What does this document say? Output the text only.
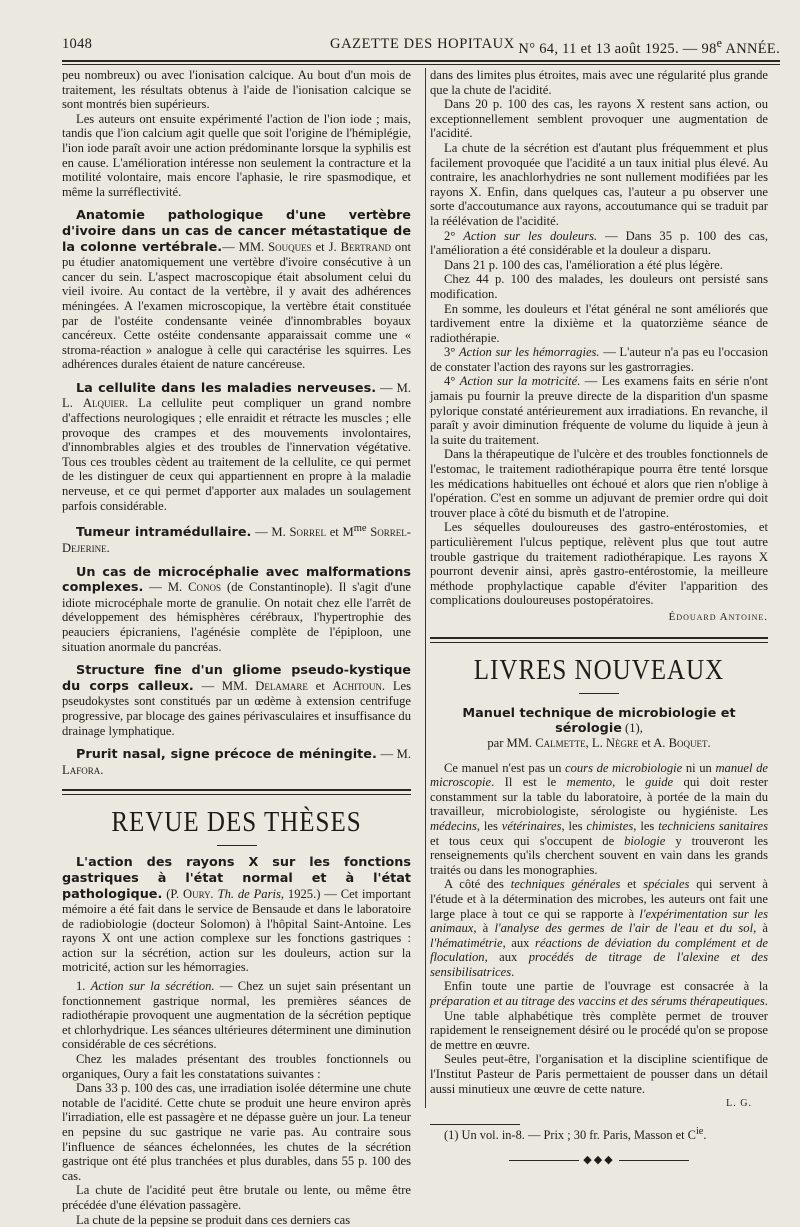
1048	GAZETTE DES HOPITAUX N° 64, 11 et 13 août 1925. — 98e ANNÉE.

peu nombreux) ou avec l'ionisation calcique. Au bout d'un mois de traitement, les résultats obtenus à l'aide de l'ionisation calcique se sont montrés bien supérieurs.

Les auteurs ont ensuite expérimenté l'action de l'ion iode ; mais, tandis que l'ion calcium agit quelle que soit l'origine de l'hémiplégie, l'ion iode paraît avoir une action prédominante lorsque la syphilis est en cause. L'amélioration intéresse non seulement la contracture et la motilité volontaire, mais encore l'aphasie, le rire spasmodique, et même la surréflectivité.

Anatomie pathologique d'une vertèbre d'ivoire dans un cas de cancer métastatique de la colonne vertébrale.— MM. Souques et J. Bertrand ont pu étudier anatomiquement une vertèbre d'ivoire consécutive à un cancer du sein. L'aspect macroscopique était absolument celui du vieil ivoire. Au contact de la vertèbre, il y avait des adhérences méningées. A l'examen microscopique, la vertèbre était constituée par de l'ostéite condensante veinée d'innombrables boyaux cancéreux. Cette ostéite condensante apparaissait comme une « stroma-réaction » analogue à celle qui caractérise les squirres. Les adhérences durales étaient de nature cancéreuse.

La cellulite dans les maladies nerveuses. — M. L. Alquier. La cellulite peut compliquer un grand nombre d'affections neurologiques ; elle enraidit et rétracte les muscles ; elle provoque des crampes et des mouvements involontaires, d'innombrables algies et des troubles de l'innervation végétative. Tous ces troubles cèdent au traitement de la cellulite, ce qui permet de les distinguer de ceux qui appartiennent en propre à la maladie nerveuse, et ce qui permet d'apporter aux malades un soulagement parfois considérable.

Tumeur intramédullaire. — M. Sorrel et $M^{me}$ Sorrel-Dejerine.

Un cas de microcéphalie avec malformations complexes. — M. Conos (de Constantinople). Il s'agit d'une idiote microcéphale morte de granulie. On notait chez elle l'arrêt de développement des hémisphères cérébraux, l'hypertrophie des peauciers épicraniens, l'agénésie complète de l'épiploon, une situation anormale du pancréas.

Structure fine d'un gliome pseudo-kystique du corps calleux. — MM. Delamare et Achitoun. Les pseudokystes sont constitués par un œdème à extension centrifuge progressive, par blocage des gaines périvasculaires et insuffisance du drainage lymphatique.

Prurit nasal, signe précoce de méningite. — M. Lafora.

REVUE DES THÈSES

L'action des rayons X sur les fonctions gastriques à l'état normal et à l'état pathologique. (P. Oury. Th. de Paris, 1925.) — Cet important mémoire a été fait dans le service de Bensaude et dans le laboratoire de radiobiologie (docteur Solomon) à l'hôpital Saint-Antoine. Les rayons X ont une action complexe sur les fonctions gastriques : action sur la sécrétion, action sur les douleurs, action sur la motricité, action sur les hémorragies.

1. Action sur la sécrétion. — Chez un sujet sain présentant un fonctionnement gastrique normal, les premières séances de radiothérapie provoquent une augmentation de la sécrétion peptique et chlorhydrique. Les séances ultérieures déterminent une diminution considérable de ces sécrétions.

Chez les malades présentant des troubles fonctionnels ou organiques, Oury a fait les constatations suivantes :

Dans 33 p. 100 des cas, une irradiation isolée détermine une chute notable de l'acidité. Cette chute se produit une heure environ après l'irradiation, elle est passagère et ne dépasse guère un jour. La teneur en pepsine du suc gastrique ne varie pas. Au contraire sous l'influence de séances échelonnées, les chutes de la sécrétion gastrique ont été plus tranchées et plus durables, dans 55 p. 100 des cas.

La chute de l'acidité peut être brutale ou lente, ou même être précédée d'une élévation passagère.

La chute de la pepsine se produit dans ces derniers cas

dans des limites plus étroites, mais avec une régularité plus grande que la chute de l'acidité.

Dans 20 p. 100 des cas, les rayons X restent sans action, ou exceptionnellement semblent provoquer une augmentation de l'acidité.

La chute de la sécrétion est d'autant plus fréquemment et plus facilement provoquée que l'acidité a un taux initial plus élevé. Au contraire, les anachlorhydries ne sont nullement modifiées par les rayons X. Enfin, dans quelques cas, l'auteur a pu observer une sorte d'accoutumance aux rayons, accoutumance qui se traduit par la réélévation de l'acidité.

2° Action sur les douleurs. — Dans 35 p. 100 des cas, l'amélioration a été considérable et la douleur a disparu.

Dans 21 p. 100 des cas, l'amélioration a été plus légère.

Chez 44 p. 100 des malades, les douleurs ont persisté sans modification.

En somme, les douleurs et l'état général ne sont améliorés que tardivement entre la dixième et la quatorzième séance de radiothérapie.

3° Action sur les hémorragies. — L'auteur n'a pas eu l'occasion de constater l'action des rayons sur les gastrorragies.

4° Action sur la motricité. — Les examens faits en série n'ont jamais pu fournir la preuve directe de la disparition d'un spasme pylorique constaté antérieurement aux irradiations. En revanche, il paraît y avoir diminution fréquente de volume du liquide à jeun à la suite du traitement.

Dans la thérapeutique de l'ulcère et des troubles fonctionnels de l'estomac, le traitement radiothérapique pourra être tenté lorsque les médications habituelles ont échoué et alors que rien n'oblige à l'opération. C'est en somme un adjuvant de premier ordre qui doit trouver place à côté du bismuth et de l'atropine.

Les séquelles douloureuses des gastro-entérostomies, et particulièrement l'ulcus peptique, relèvent plus que tout autre trouble gastrique du traitement radiothérapique. Les rayons X pourront devenir ainsi, après gastro-entérostomie, la meilleure méthode prophylactique capable d'éviter l'apparition des complications douloureuses postopératoires.

Édouard Antoine.
LIVRES NOUVEAUX
Manuel technique de microbiologie et sérologie (1),
par MM. Calmette, L. Nègre et A. Boquet.

Ce manuel n'est pas un cours de microbiologie ni un manuel de microscopie. Il est le memento, le guide qui doit rester constamment sur la table du laboratoire, à portée de la main du travailleur, microbiologiste, sérologiste ou hygiéniste. Les médecins, les vétérinaires, les chimistes, les techniciens sanitaires et tous ceux qui s'occupent de biologie y trouveront les renseignements qu'ils cherchent souvent en vain dans les grands traités ou dans les monographies.

A côté des techniques générales et spéciales qui servent à l'étude et à la détermination des microbes, les auteurs ont fait une large place à tout ce qui se rapporte à l'expérimentation sur les animaux, à l'analyse des germes de l'air de l'eau et du sol, à l'hématimétrie, aux réactions de déviation du complément et de floculation, aux procédés de titrage de l'alexine et des sensibilisatrices.

Enfin toute une partie de l'ouvrage est consacrée à la préparation et au titrage des vaccins et des sérums thérapeutiques.

Une table alphabétique très complète permet de trouver rapidement le renseignement désiré ou le procédé qu'on se propose de mettre en œuvre.

Seules peut-être, l'organisation et la discipline scientifique de l'Institut Pasteur de Paris permettaient de pousser dans un détail aussi minutieux une œuvre de cette nature.

L. G.

(1) Un vol. in-8. — Prix ; 30 fr. Paris, Masson et $C^{ie}$.

◆◆◆
